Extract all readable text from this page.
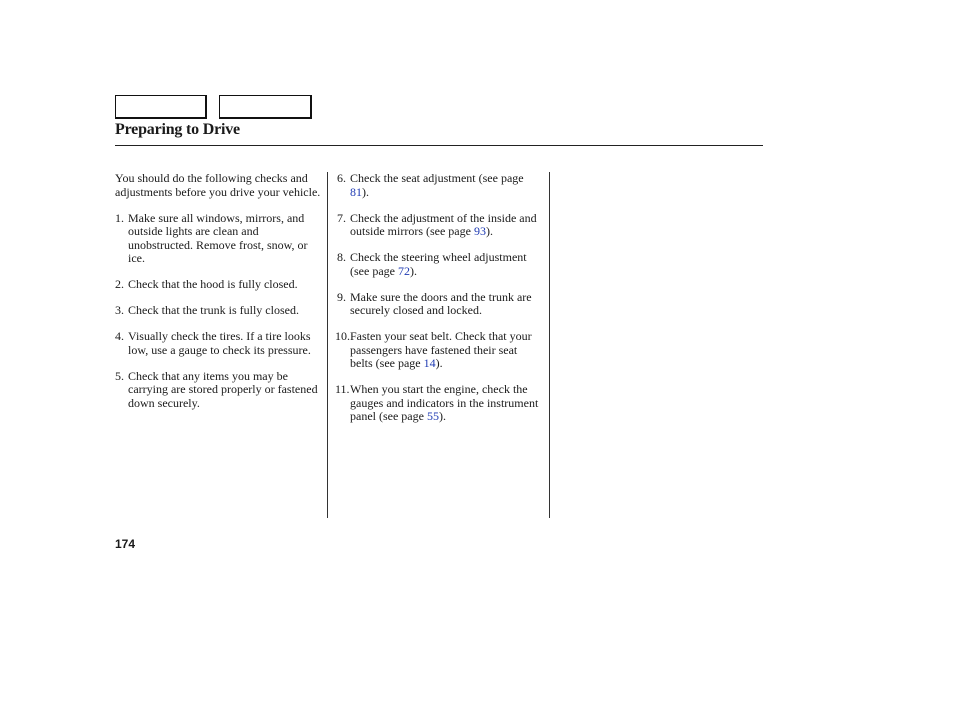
Preparing to Drive

You should do the following checks and adjustments before you drive your vehicle.

1. Make sure all windows, mirrors, and outside lights are clean and unobstructed. Remove frost, snow, or ice.
2. Check that the hood is fully closed.
3. Check that the trunk is fully closed.
4. Visually check the tires. If a tire looks low, use a gauge to check its pressure.
5. Check that any items you may be carrying are stored properly or fastened down securely.
6. Check the seat adjustment (see page 81).
7. Check the adjustment of the inside and outside mirrors (see page 93).
8. Check the steering wheel adjustment (see page 72).
9. Make sure the doors and the trunk are securely closed and locked.
10. Fasten your seat belt. Check that your passengers have fastened their seat belts (see page 14).
11. When you start the engine, check the gauges and indicators in the instrument panel (see page 55).
174
